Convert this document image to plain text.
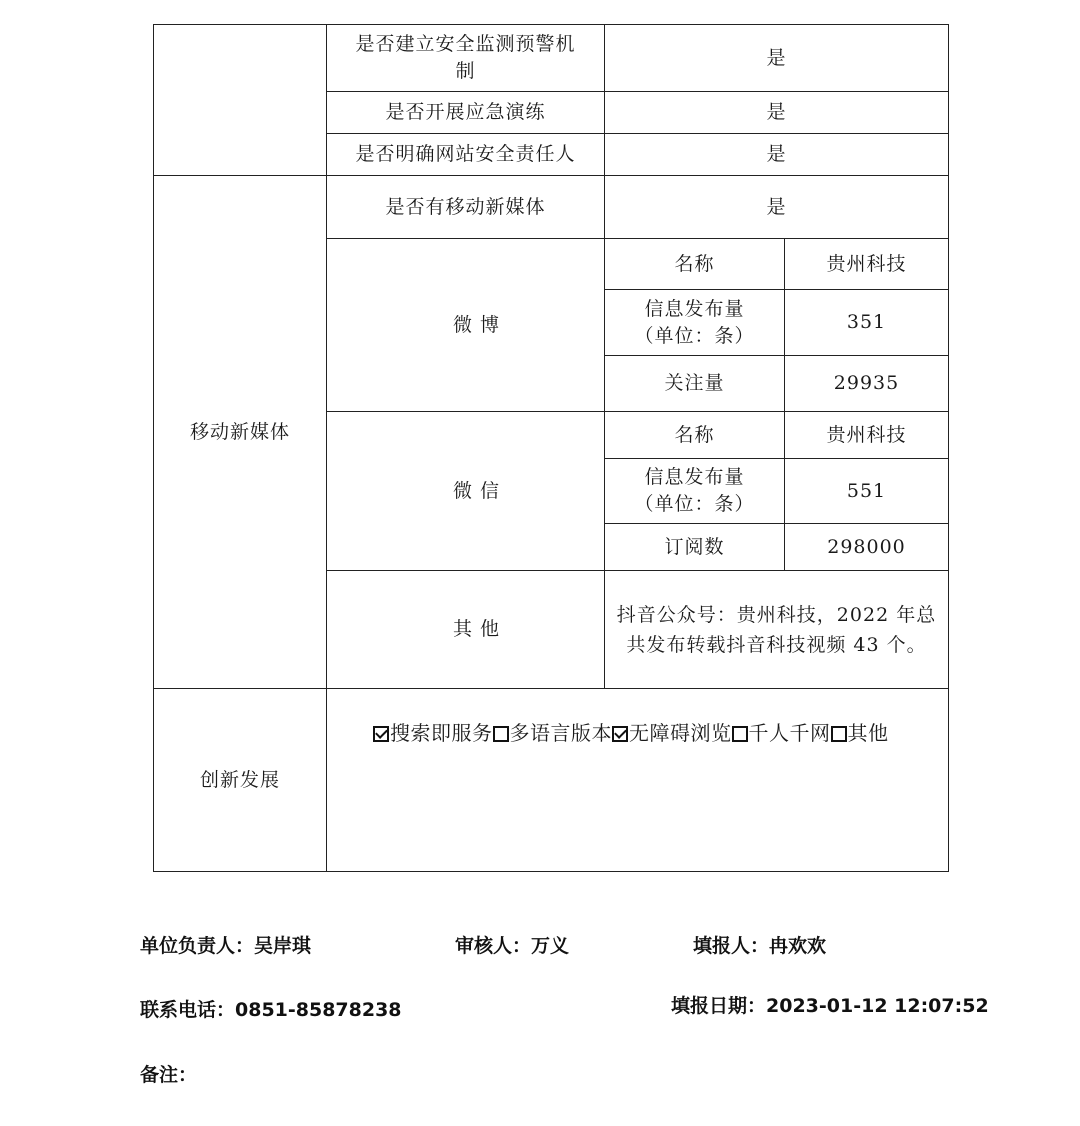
	是否建立安全监测预警机制	是	
	是否开展应急演练	是	
	是否明确网站安全责任人	是	
移动新媒体	是否有移动新媒体	是	
	微 博	名称	贵州科技
		信息发布量（单位：条）	351
		关注量	29935
	微 信	名称	贵州科技
		信息发布量（单位：条）	551
		订阅数	298000
	其 他	抖音公众号：贵州科技，2022 年总共发布转载抖音科技视频 43 个。	
创新发展	搜索即服务 多语言版本 无障碍浏览 千人千网 其他		
单位负责人：吴岸琪	审核人：万义	填报人：冉欢欢
联系电话：0851-85878238	填报日期：2023-01-12 12:07:52
备注：
